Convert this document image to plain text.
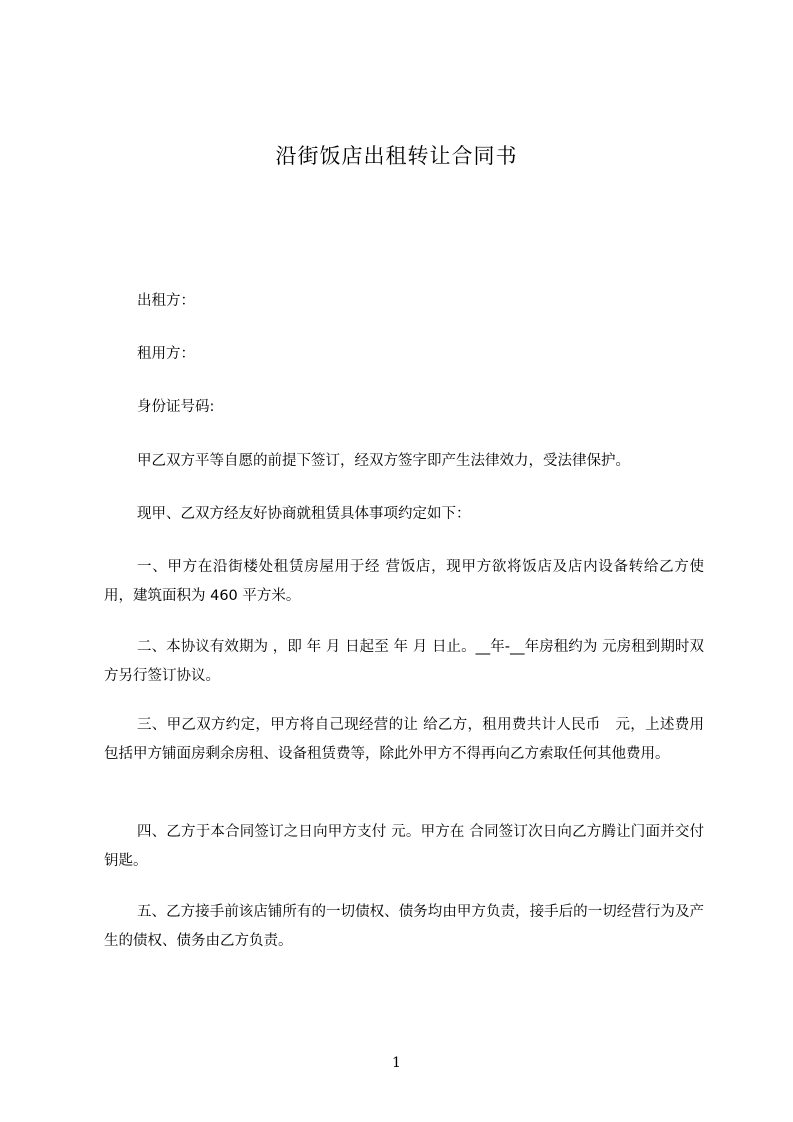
沿街饭店出租转让合同书

出租方：

租用方：

身份证号码:

甲乙双方平等自愿的前提下签订，经双方签字即产生法律效力，受法律保护。

现甲、乙双方经友好协商就租赁具体事项约定如下：

一、甲方在沿街楼处租赁房屋用于经 营饭店，现甲方欲将饭店及店内设备转给乙方使用，建筑面积为 460 平方米。

二、本协议有效期为 ，即 年 月 日起至 年 月 日止。__年-__年房租约为 元房租到期时双方另行签订协议。

三、甲乙双方约定，甲方将自己现经营的让 给乙方，租用费共计人民币　元，上述费用包括甲方铺面房剩余房租、设备租赁费等，除此外甲方不得再向乙方索取任何其他费用。

四、乙方于本合同签订之日向甲方支付 元。甲方在 合同签订次日向乙方腾让门面并交付钥匙。

五、乙方接手前该店铺所有的一切债权、债务均由甲方负责，接手后的一切经营行为及产生的债权、债务由乙方负责。

1
